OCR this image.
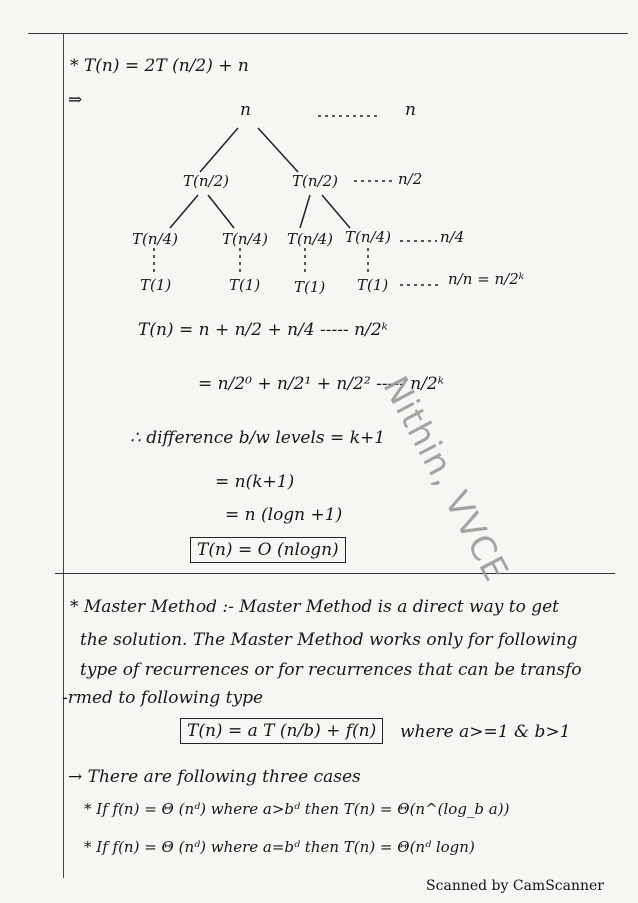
* T(n) = 2T (n/2) + n
⇒	n	n
T(n/2)	T(n/2)	n/2
T(n/4)	T(n/4) T(n/4) T(n/4)	n/4
T(1)	T(1) T(1) T(1)	n/n = n/2ᵏ
T(n) = n + n/2 + n/4 ----- n/2ᵏ
= n/2⁰ + n/2¹ + n/2² ----- n/2ᵏ
∴ difference b/w levels = k+1
= n(k+1)
= n (logn +1)
T(n) = O (nlogn)
* Master Method :- Master Method is a direct way to get
the solution. The Master Method works only for following
type of recurrences or for recurrences that can be transfo
-rmed to following type
T(n) = a T (n/b) + f(n)	where a>=1 & b>1
→ There are following three cases
* If f(n) = Θ (nᵈ) where a>bᵈ then T(n) = Θ(n^(log_b a))
* If f(n) = Θ (nᵈ) where a=bᵈ then T(n) = Θ(nᵈ logn)
Nithin, VVCE
Scanned by CamScanner
